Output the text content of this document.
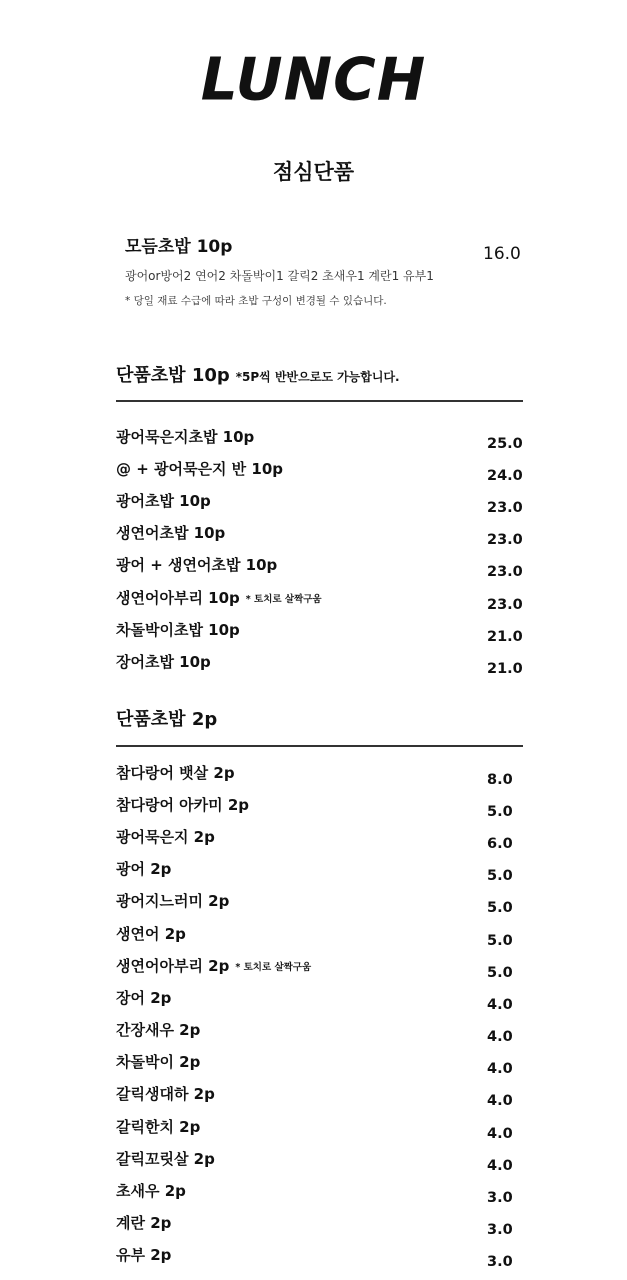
LUNCH
점심단품
모듬초밥 10p	16.0
광어or방어2 연어2 차돌박이1 갈릭2 초새우1 계란1 유부1
* 당일 재료 수급에 따라 초밥 구성이 변경될 수 있습니다.
단품초밥 10p *5P씩 반반으로도 가능합니다.
광어묵은지초밥 10p	25.0
@ + 광어묵은지 반 10p	24.0
광어초밥 10p	23.0
생연어초밥 10p	23.0
광어 + 생연어초밥 10p	23.0
생연어아부리 10p * 토치로 살짝구움	23.0
차돌박이초밥 10p	21.0
장어초밥 10p	21.0
단품초밥 2p
참다랑어 뱃살 2p	8.0
참다랑어 아카미 2p	5.0
광어묵은지 2p	6.0
광어 2p	5.0
광어지느러미 2p	5.0
생연어 2p	5.0
생연어아부리 2p * 토치로 살짝구움	5.0
장어 2p	4.0
간장새우 2p	4.0
차돌박이 2p	4.0
갈릭생대하 2p	4.0
갈릭한치 2p	4.0
갈릭꼬릿살 2p	4.0
초새우 2p	3.0
계란 2p	3.0
유부 2p	3.0
